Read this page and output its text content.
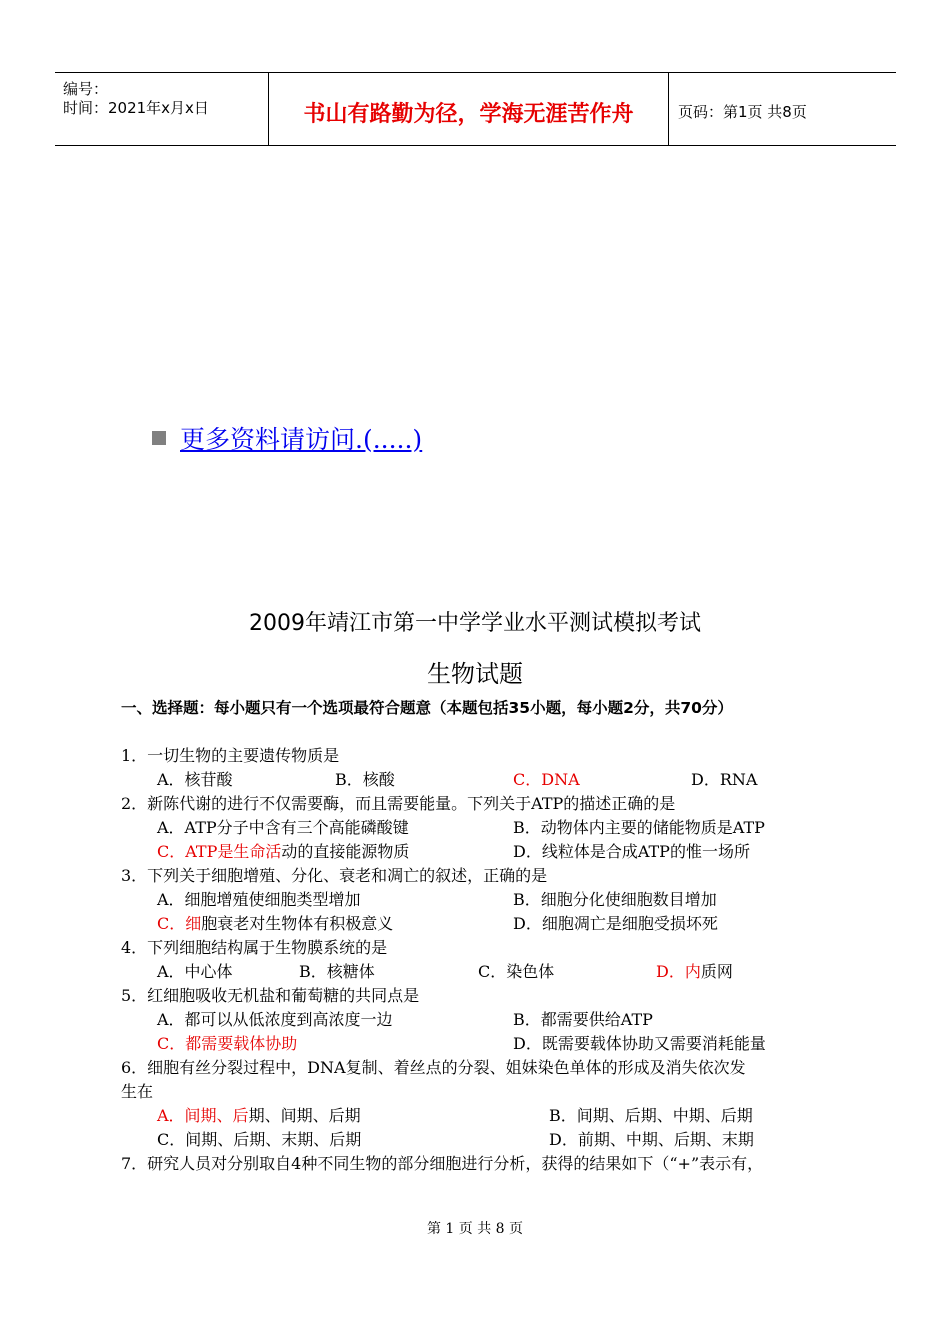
编号：
时间：2021年x月x日	书山有路勤为径，学海无涯苦作舟	页码：第1页 共8页
更多资料请访问.(.....)
2009年靖江市第一中学学业水平测试模拟考试
生物试题
一、选择题：每小题只有一个选项最符合题意（本题包括35小题，每小题2分，共70分）
1．一切生物的主要遗传物质是
A．核苷酸	B．核酸	C．DNA	D．RNA
2．新陈代谢的进行不仅需要酶，而且需要能量。下列关于ATP的描述正确的是
A．ATP分子中含有三个高能磷酸键	B．动物体内主要的储能物质是ATP
C．ATP是生命活动的直接能源物质	D．线粒体是合成ATP的惟一场所
3．下列关于细胞增殖、分化、衰老和凋亡的叙述，正确的是
A．细胞增殖使细胞类型增加	B．细胞分化使细胞数目增加
C．细胞衰老对生物体有积极意义	D．细胞凋亡是细胞受损坏死
4．下列细胞结构属于生物膜系统的是
A．中心体	B．核糖体	C．染色体	D．内质网
5．红细胞吸收无机盐和葡萄糖的共同点是
A．都可以从低浓度到高浓度一边	B．都需要供给ATP
C．都需要载体协助	D．既需要载体协助又需要消耗能量
6．细胞有丝分裂过程中，DNA复制、着丝点的分裂、姐妹染色单体的形成及消失依次发
生在
A．间期、后期、间期、后期	B．间期、后期、中期、后期
C．间期、后期、末期、后期	D．前期、中期、后期、末期
7．研究人员对分别取自4种不同生物的部分细胞进行分析，获得的结果如下（“+”表示有，
第 1 页 共 8 页
